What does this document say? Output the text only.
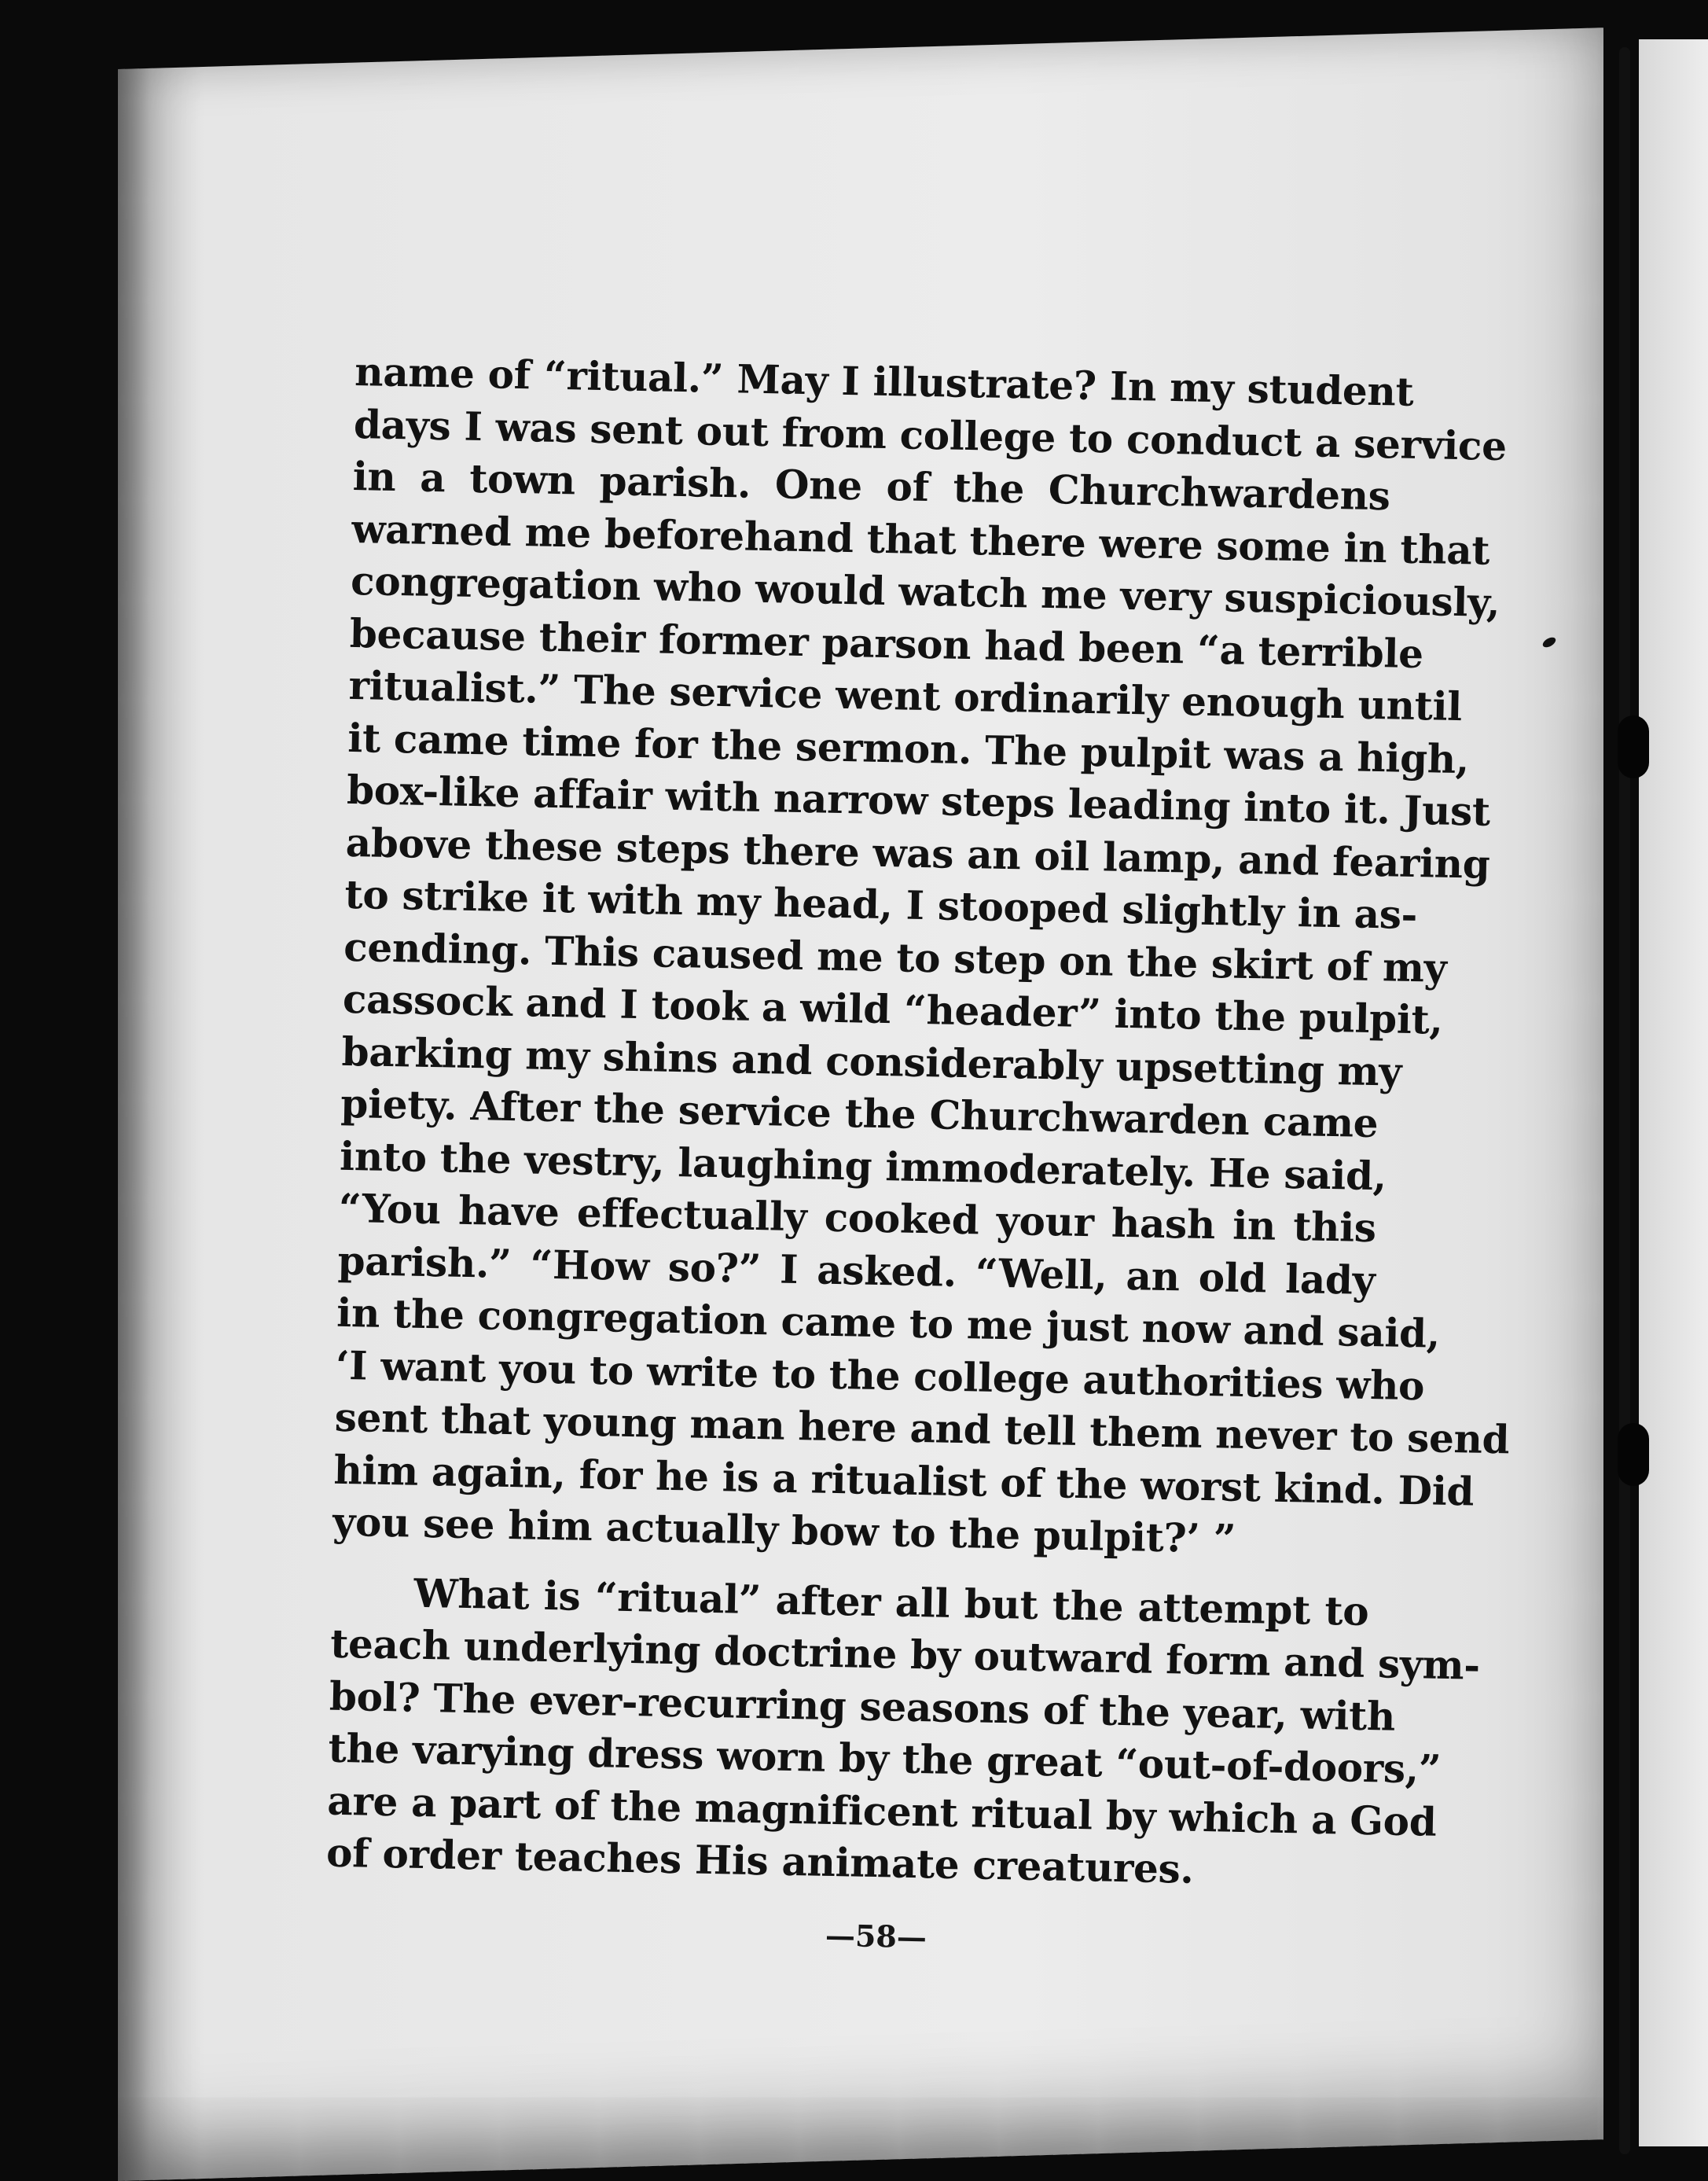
name of “ritual.” May I illustrate? In my student
days I was sent out from college to conduct a service
in a town parish. One of the Churchwardens
warned me beforehand that there were some in that
congregation who would watch me very suspiciously,
because their former parson had been “a terrible
ritualist.” The service went ordinarily enough until
it came time for the sermon. The pulpit was a high,
box-like affair with narrow steps leading into it. Just
above these steps there was an oil lamp, and fearing
to strike it with my head, I stooped slightly in as-
cending. This caused me to step on the skirt of my
cassock and I took a wild “header” into the pulpit,
barking my shins and considerably upsetting my
piety. After the service the Churchwarden came
into the vestry, laughing immoderately. He said,
“You have effectually cooked your hash in this
parish.” “How so?” I asked. “Well, an old lady
in the congregation came to me just now and said,
‘I want you to write to the college authorities who
sent that young man here and tell them never to send
him again, for he is a ritualist of the worst kind. Did
you see him actually bow to the pulpit?’ ”
What is “ritual” after all but the attempt to
teach underlying doctrine by outward form and sym-
bol? The ever-recurring seasons of the year, with
the varying dress worn by the great “out-of-doors,”
are a part of the magnificent ritual by which a God
of order teaches His animate creatures.
—58—
